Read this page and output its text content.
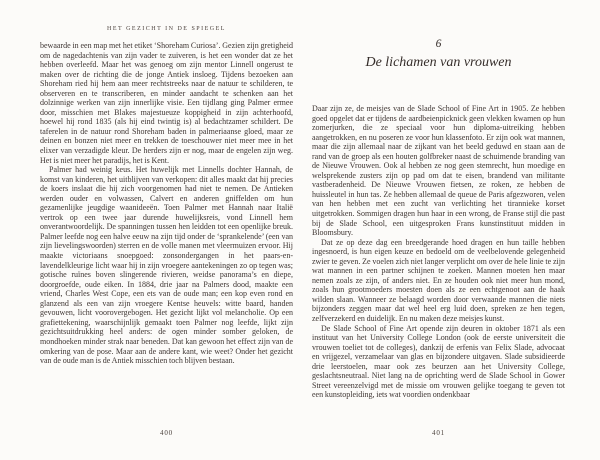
HET GEZICHT IN DE SPIEGEL

bewaarde in een map met het etiket ‘Shoreham Curiosa’. Gezien zijn gretigheid om de nagedachtenis van zijn vader te zuiveren, is het een wonder dat ze het hebben overleefd. Maar het was genoeg om zijn mentor Linnell ongerust te maken over de richting die de jonge Antiek insloeg. Tijdens bezoeken aan Shoreham ried hij hem aan meer rechtstreeks naar de natuur te schilderen, te observeren en te transcriberen, en minder aandacht te schenken aan het dolzinnige werken van zijn innerlijke visie. Een tijdlang ging Palmer ermee door, misschien met Blakes majestueuze koppigheid in zijn achterhoofd, hoewel hij rond 1835 (als hij eind twintig is) al bedachtzamer schildert. De taferelen in de natuur rond Shoreham baden in palmeriaanse gloed, maar ze deinen en bonzen niet meer en trekken de toeschouwer niet meer mee in het elixer van verzadigde kleur. De herders zijn er nog, maar de engelen zijn weg. Het is niet meer het paradijs, het is Kent.

Palmer had weinig keus. Het huwelijk met Linnells dochter Hannah, de komst van kinderen, het uitblijven van verkopen: dit alles maakt dat hij precies de koers inslaat die hij zich voorgenomen had niet te nemen. De Antieken werden ouder en volwassen, Calvert en anderen gniffelden om hun gezamenlijke jeugdige waanideeën. Toen Palmer met Hannah naar Italië vertrok op een twee jaar durende huwelijksreis, vond Linnell hem onverantwoordelijk. De spanningen tussen hen leidden tot een openlijke breuk. Palmer leefde nog een halve eeuw na zijn tijd onder de ‘sprankelende’ (een van zijn lievelingswoorden) sterren en de volle manen met vleermuizen ervoor. Hij maakte victoriaans snoepgoed: zonsondergangen in het paars-en-lavendelkleurige licht waar hij in zijn vroegere aantekeningen zo op tegen was; gotische ruïnes boven slingerende rivieren, weidse panorama’s en diepe, doorgroefde, oude eiken. In 1884, drie jaar na Palmers dood, maakte een vriend, Charles West Cope, een ets van de oude man; een kop even rond en glanzend als een van zijn vroegere Kentse heuvels: witte baard, handen gevouwen, licht voorovergebogen. Het gezicht lijkt vol melancholie. Op een grafiettekening, waarschijnlijk gemaakt toen Palmer nog leefde, lijkt zijn gezichtsuitdrukking heel anders: de ogen minder somber geloken, de mondhoeken minder strak naar beneden. Dat kan gewoon het effect zijn van de omkering van de pose. Maar aan de andere kant, wie weet? Onder het gezicht van de oude man is de Antiek misschien toch blijven bestaan.

6
De lichamen van vrouwen

Daar zijn ze, de meisjes van de Slade School of Fine Art in 1905. Ze hebben goed opgelet dat er tijdens de aardbeienpicknick geen vlekken kwamen op hun zomerjurken, die ze speciaal voor hun diploma-uitreiking hebben aangetrokken, en nu poseren ze voor hun klassenfoto. Er zijn ook wat mannen, maar die zijn allemaal naar de zijkant van het beeld geduwd en staan aan de rand van de groep als een houten golfbreker naast de schuimende branding van de Nieuwe Vrouwen. Ook al hebben ze nog geen stemrecht, hun moedige en welsprekende zusters zijn op pad om dat te eisen, brandend van militante vastberadenheid. De Nieuwe Vrouwen fietsen, ze roken, ze hebben de huissleutel in hun tas. Ze hebben allemaal de queue de Paris afgezworen, velen van hen hebben met een zucht van verlichting het tirannieke korset uitgetrokken. Sommigen dragen hun haar in een wrong, de Franse stijl die past bij de Slade School, een uitgesproken Frans kunstinstituut midden in Bloomsbury.

Dat ze op deze dag een breedgerande hoed dragen en hun taille hebben ingesnoerd, is hun eigen keuze en bedoeld om de veelbelovende gelegenheid zwier te geven. Ze voelen zich niet langer verplicht om over de hele linie te zijn wat mannen in een partner schijnen te zoeken. Mannen moeten hen maar nemen zoals ze zijn, of anders niet. En ze houden ook niet meer hun mond, zoals hun grootmoeders moesten doen als ze een echtgenoot aan de haak wilden slaan. Wanneer ze belaagd worden door verwaande mannen die niets bijzonders zeggen maar dat wel heel erg luid doen, spreken ze hen tegen, zelfverzekerd en duidelijk. En nu maken deze meisjes kunst.

De Slade School of Fine Art opende zijn deuren in oktober 1871 als een instituut van het University College London (ook de eerste universiteit die vrouwen toeliet tot de colleges), dankzij de erfenis van Felix Slade, advocaat en vrijgezel, verzamelaar van glas en bijzondere uitgaven. Slade subsidieerde drie leerstoelen, maar ook zes beurzen aan het University College, geslachtsneutraal. Niet lang na de oprichting werd de Slade School in Gower Street vereenzelvigd met de missie om vrouwen gelijke toegang te geven tot een kunstopleiding, iets wat voordien ondenkbaar

400	401
